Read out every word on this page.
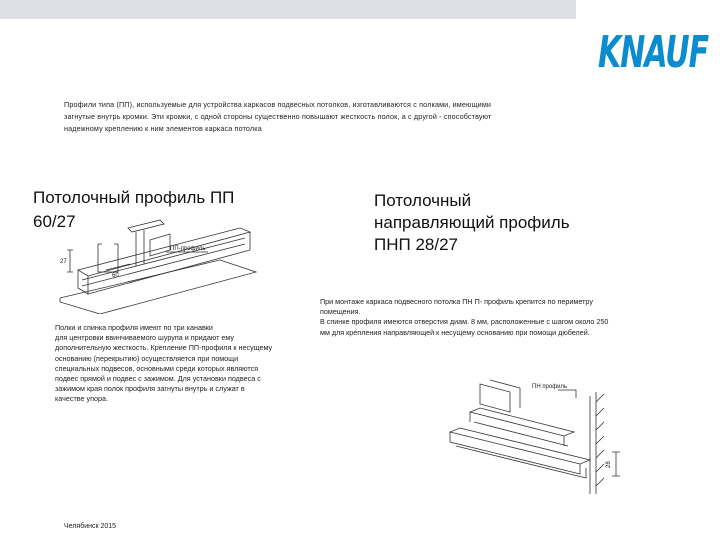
KNAUF
Профили типа (ПП), используемые для устройства каркасов подвесных потолков, изготавливаются с полками, имеющими
загнутые внутрь кромки. Эти кромки, с одной стороны существенно повышают жесткость полок, а с другой - способствуют
надежному креплению к ним элементов каркаса потолка
Потолочный профиль ПП
60/27
Потолочный
направляющий профиль
ПНП 28/27
27
60
ПП-профиль
Полки и спинка профиля имеют по три канавки
для центровки ввинчиваемого шурупа и придают ему
дополнительную жесткость. Крепление ПП-профиля к несущему
основанию (перекрытию) осуществляется при помощи
специальных подвесов, основными среди которых являются
подвес прямой и подвес с зажимом. Для установки подвеса с
зажимом края полок профиля загнуты внутрь и служат в
качестве упора.
При монтаже каркаса подвесного потолка ПН П- профиль крепится по периметру
помещения.
В спинке профиля имеются отверстия диам. 8 мм, расположенные с шагом около 250
мм для крепления направляющей к несущему основанию при помощи дюбелей.
ПН профиль
28
Челябинск 2015
